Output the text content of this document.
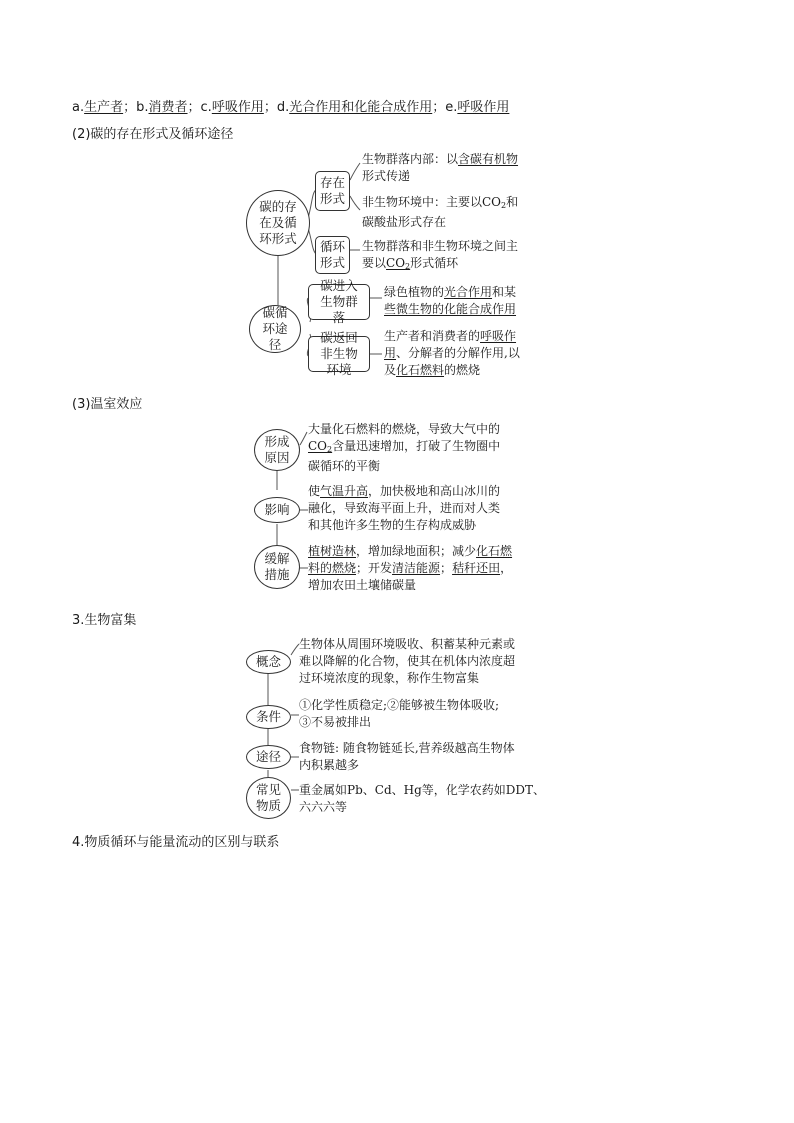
a.生产者；b.消费者；c.呼吸作用；d.光合作用和化能合成作用；e.呼吸作用
(2)碳的存在形式及循环途径
碳的存在及循环形式
存在形式
生物群落内部：以含碳有机物
形式传递
非生物环境中：主要以$CO_2$和
碳酸盐形式存在
循环形式
生物群落和非生物环境之间主
要以$CO_2$形式循环
碳循环途径
碳进入生物群落
绿色植物的光合作用和某
些微生物的化能合成作用
碳返回非生物环境
生产者和消费者的呼吸作
用、分解者的分解作用,以
及化石燃料的燃烧
(3)温室效应
形成原因
大量化石燃料的燃烧，导致大气中的
$CO_2$含量迅速增加，打破了生物圈中
碳循环的平衡
影响
使气温升高，加快极地和高山冰川的
融化，导致海平面上升，进而对人类
和其他许多生物的生存构成威胁
缓解措施
植树造林，增加绿地面积；减少化石燃
料的燃烧；开发清洁能源；秸秆还田，
增加农田土壤储碳量
3.生物富集
概念
生物体从周围环境吸收、积蓄某种元素或
难以降解的化合物，使其在机体内浓度超
过环境浓度的现象，称作生物富集
条件
①化学性质稳定;②能够被生物体吸收;
③不易被排出
途径
食物链: 随食物链延长,营养级越高生物体
内积累越多
常见物质
重金属如Pb、Cd、Hg等，化学农药如DDT、
六六六等
4.物质循环与能量流动的区别与联系
